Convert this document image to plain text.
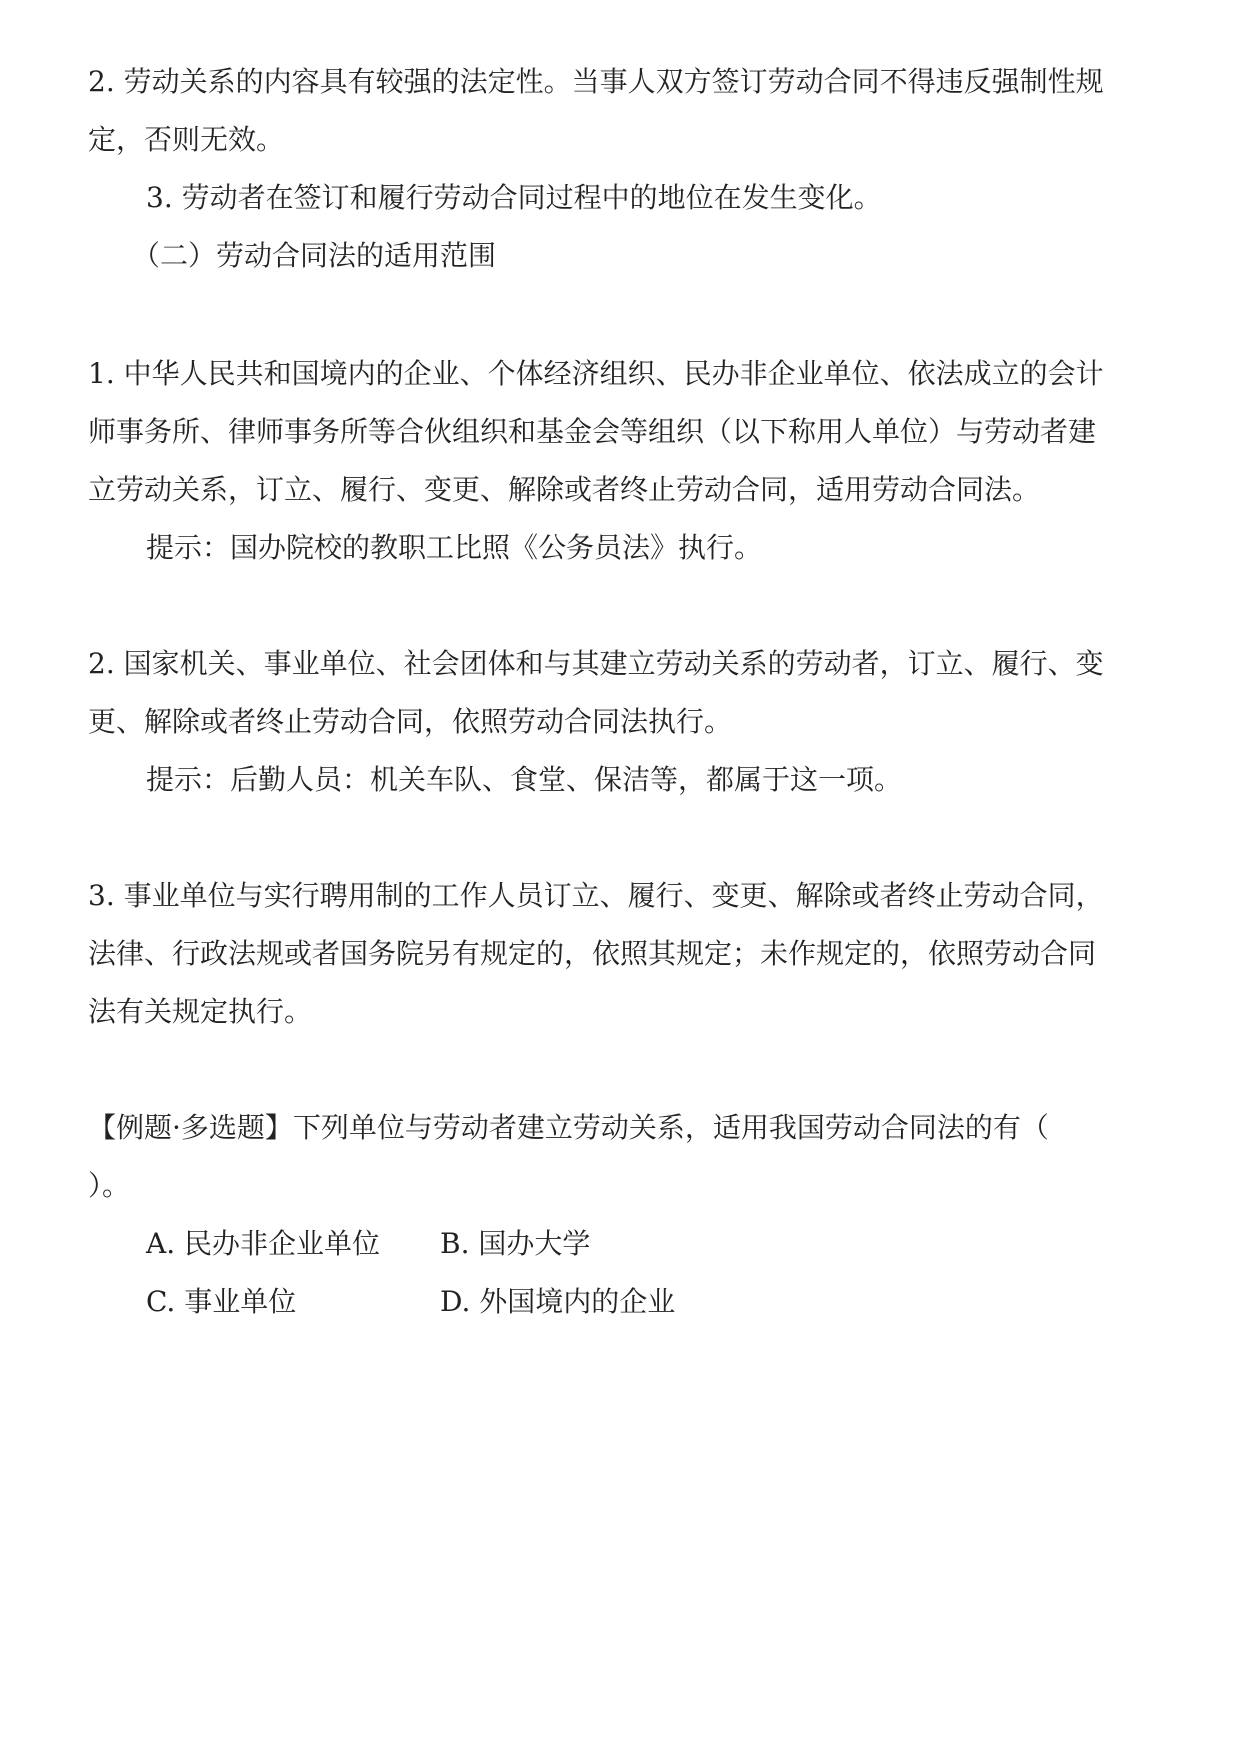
2. 劳动关系的内容具有较强的法定性。当事人双方签订劳动合同不得违反强制性规
定，否则无效。
3. 劳动者在签订和履行劳动合同过程中的地位在发生变化。
（二）劳动合同法的适用范围
1. 中华人民共和国境内的企业、个体经济组织、民办非企业单位、依法成立的会计
师事务所、律师事务所等合伙组织和基金会等组织（以下称用人单位）与劳动者建
立劳动关系，订立、履行、变更、解除或者终止劳动合同，适用劳动合同法。
提示：国办院校的教职工比照《公务员法》执行。
2. 国家机关、事业单位、社会团体和与其建立劳动关系的劳动者，订立、履行、变
更、解除或者终止劳动合同，依照劳动合同法执行。
提示：后勤人员：机关车队、食堂、保洁等，都属于这一项。
3. 事业单位与实行聘用制的工作人员订立、履行、变更、解除或者终止劳动合同，
法律、行政法规或者国务院另有规定的，依照其规定；未作规定的，依照劳动合同
法有关规定执行。
【例题·多选题】下列单位与劳动者建立劳动关系，适用我国劳动合同法的有（
）。
A. 民办非企业单位 B. 国办大学
C. 事业单位	D. 外国境内的企业
